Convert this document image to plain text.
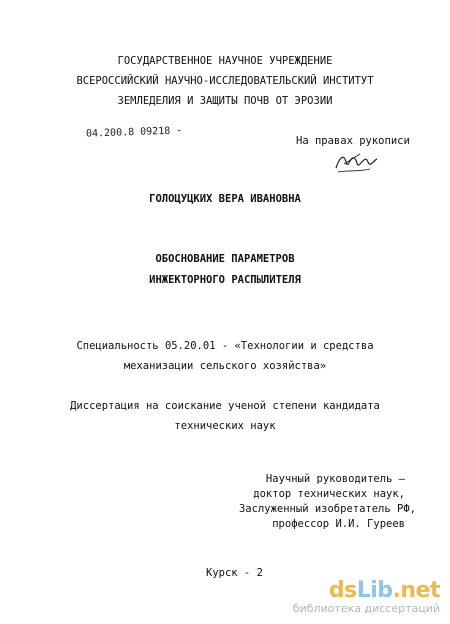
ГОСУДАРСТВЕННОЕ НАУЧНОЕ УЧРЕЖДЕНИЕ
ВСЕРОССИЙСКИЙ НАУЧНО-ИССЛЕДОВАТЕЛЬСКИЙ ИНСТИТУТ
ЗЕМЛЕДЕЛИЯ И ЗАЩИТЫ ПОЧВ ОТ ЭРОЗИИ
04.200.8 09218 -
На правах рукописи
ГОЛОЦУЦКИХ ВЕРА ИВАНОВНА
ОБОСНОВАНИЕ ПАРАМЕТРОВ
ИНЖЕКТОРНОГО РАСПЫЛИТЕЛЯ
Специальность 05.20.01 - «Технологии и средства
механизации сельского хозяйства»
Диссертация на соискание ученой степени кандидата
технических наук
Научный руководитель –
доктор технических наук,
Заслуженный изобретатель РФ,
профессор И.И. Гуреев
Курск - 2
dsLib.net
библиотека диссертаций
